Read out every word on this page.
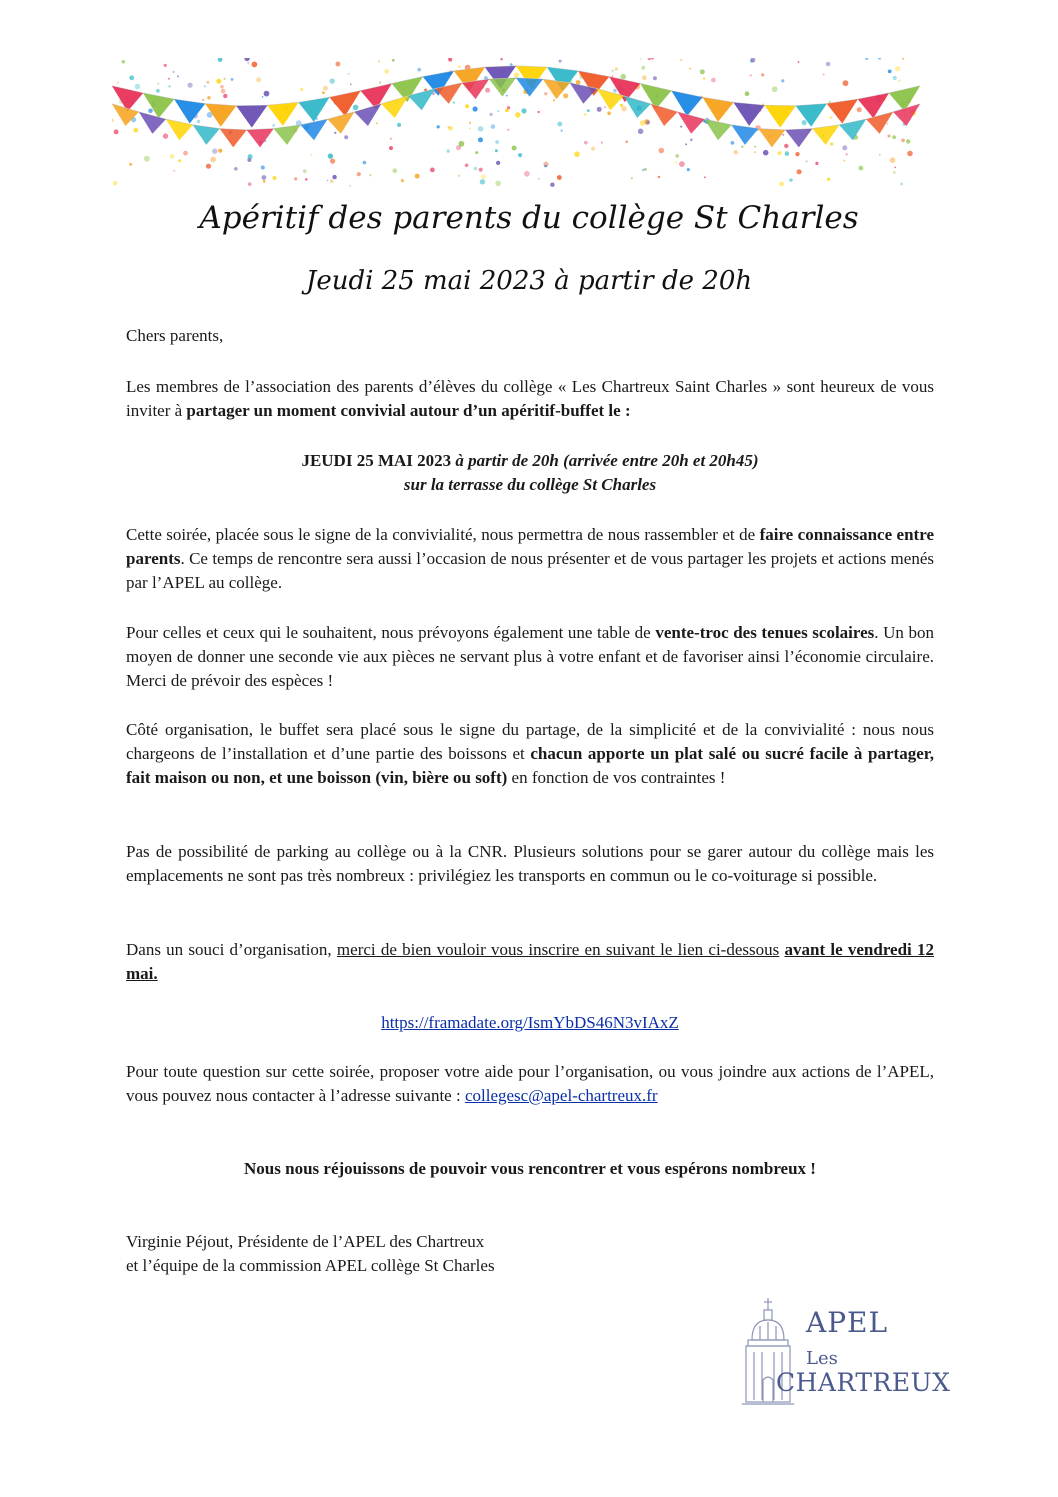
Apéritif des parents du collège St Charles
Jeudi 25 mai 2023 à partir de 20h

Chers parents,

Les membres de l’association des parents d’élèves du collège « Les Chartreux Saint Charles » sont heureux de vous inviter à partager un moment convivial autour d’un apéritif-buffet le :

JEUDI 25 MAI 2023 à partir de 20h (arrivée entre 20h et 20h45)
sur la terrasse du collège St Charles

Cette soirée, placée sous le signe de la convivialité, nous permettra de nous rassembler et de faire connaissance entre parents. Ce temps de rencontre sera aussi l’occasion de nous présenter et de vous partager les projets et actions menés par l’APEL au collège.

Pour celles et ceux qui le souhaitent, nous prévoyons également une table de vente-troc des tenues scolaires. Un bon moyen de donner une seconde vie aux pièces ne servant plus à votre enfant et de favoriser ainsi l’économie circulaire. Merci de prévoir des espèces !

Côté organisation, le buffet sera placé sous le signe du partage, de la simplicité et de la convivialité : nous nous chargeons de l’installation et d’une partie des boissons et chacun apporte un plat salé ou sucré facile à partager, fait maison ou non, et une boisson (vin, bière ou soft) en fonction de vos contraintes !

Pas de possibilité de parking au collège ou à la CNR. Plusieurs solutions pour se garer autour du collège mais les emplacements ne sont pas très nombreux : privilégiez les transports en commun ou le co-voiturage si possible.

Dans un souci d’organisation, merci de bien vouloir vous inscrire en suivant le lien ci-dessous avant le vendredi 12 mai.

https://framadate.org/IsmYbDS46N3vIAxZ

Pour toute question sur cette soirée, proposer votre aide pour l’organisation, ou vous joindre aux actions de l’APEL, vous pouvez nous contacter à l’adresse suivante : collegesc@apel-chartreux.fr

Nous nous réjouissons de pouvoir vous rencontrer et vous espérons nombreux !

Virginie Péjout, Présidente de l’APEL des Chartreux
et l’équipe de la commission APEL collège St Charles

APEL
Les
CHARTREUX
